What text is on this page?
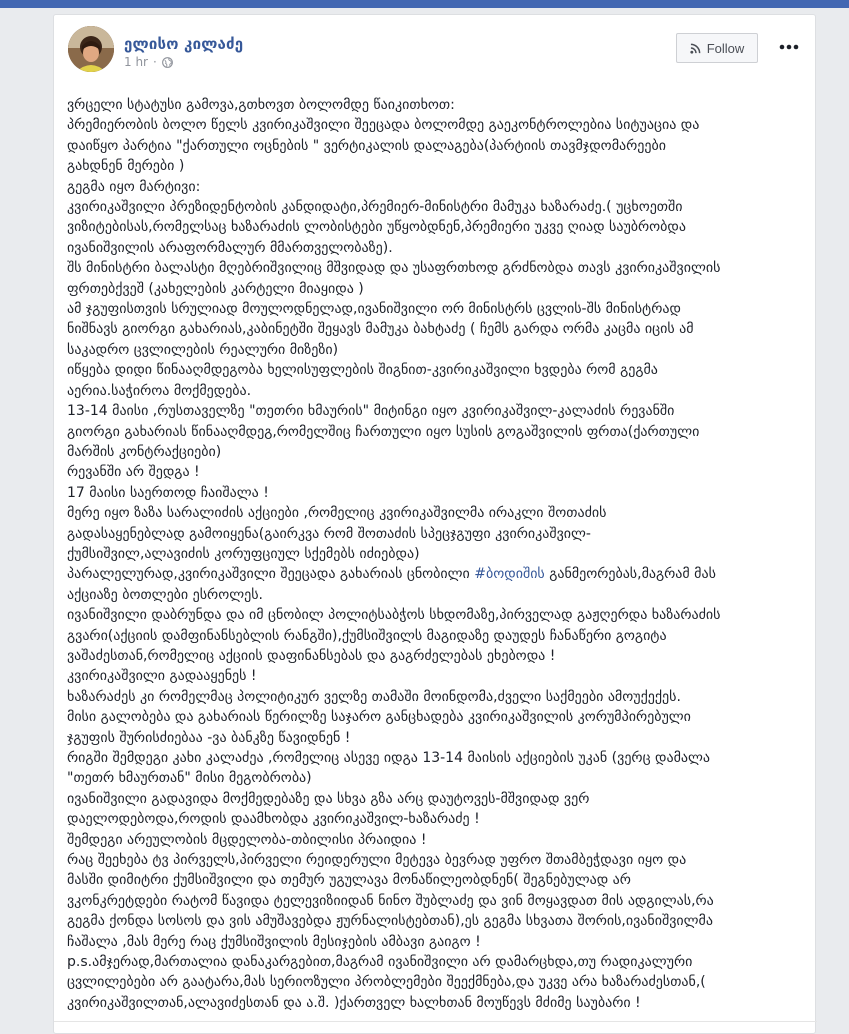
ელისო კილაძე
1 hr ·
Follow
ვრცელი სტატუსი გამოვა,გთხოვთ ბოლომდე წაიკითხოთ:
პრემიერობის ბოლო წელს კვირიკაშვილი შეეცადა ბოლომდე გაეკონტროლებია სიტუაცია და
დაიწყო პარტია "ქართული ოცნების " ვერტიკალის დალაგება(პარტიის თავმჯდომარეები
გახდნენ მერები )
გეგმა იყო მარტივი:
კვირიკაშვილი პრეზიდენტობის კანდიდატი,პრემიერ-მინისტრი მამუკა ხაზარაძე.( უცხოეთში
ვიზიტებისას,რომელსაც ხაზარაძის ლობისტები უწყობდნენ,პრემიერი უკვე ღიად საუბრობდა
ივანიშვილის არაფორმალურ მმართველობაზე).
შს მინისტრი ბალასტი მღებრიშვილიც მშვიდად და უსაფრთხოდ გრძნობდა თავს კვირიკაშვილის
ფრთებქვეშ (კახელების კარტელი მიაყიდა )
ამ ჯგუფისთვის სრულიად მოულოდნელად,ივანიშვილი ორ მინისტრს ცვლის-შს მინისტრად
ნიშნავს გიორგი გახარიას,კაბინეტში შეყავს მამუკა ბახტაძე ( ჩემს გარდა ორმა კაცმა იცის ამ
საკადრო ცვლილების რეალური მიზეზი)
იწყება დიდი წინააღმდეგობა ხელისუფლების შიგნით-კვირიკაშვილი ხვდება რომ გეგმა
აერია.საჭიროა მოქმედება.
13-14 მაისი ,რუსთაველზე "თეთრი ხმაურის" მიტინგი იყო კვირიკაშვილ-კალაძის რევანში
გიორგი გახარიას წინააღმდეგ,რომელშიც ჩართული იყო სუსის გოგაშვილის ფრთა(ქართული
მარშის კონტრაქციები)
რევანში არ შედგა !
17 მაისი საერთოდ ჩაიშალა !
მერე იყო ზაზა სარალიძის აქციები ,რომელიც კვირიკაშვილმა ირაკლი შოთაძის
გადასაყენებლად გამოიყენა(გაირკვა რომ შოთაძის სპეცჯგუფი კვირიკაშვილ-
ქუმსიშვილ,ალავიძის კორუფციულ სქემებს იძიებდა)
პარალელურად,კვირიკაშვილი შეეცადა გახარიას ცნობილი #ბოდიშის განმეორებას,მაგრამ მას
აქციაზე ბოთლები ესროლეს.
ივანიშვილი დაბრუნდა და იმ ცნობილ პოლიტსაბჭოს სხდომაზე,პირველად გაჟღერდა ხაზარაძის
გვარი(აქციის დამფინანსებლის რანგში),ქუმსიშვილს მაგიდაზე დაუდეს ჩანაწერი გოგიტა
ვაშაძესთან,რომელიც აქციის დაფინანსებას და გაგრძელებას ეხებოდა !
კვირიკაშვილი გადააყენეს !
ხაზარაძეს კი რომელმაც პოლიტიკურ ველზე თამაში მოინდომა,ძველი საქმეები ამოუქექეს.
მისი გალობება და გახარიას წერილზე საჯარო განცხადება კვირიკაშვილის კორუმპირებული
ჯგუფის შურისძიებაა -ვა ბანკზე წავიდნენ !
რიგში შემდეგი კახი კალაძეა ,რომელიც ასევე იდგა 13-14 მაისის აქციების უკან (ვერც დამალა
"თეთრ ხმაურთან" მისი მეგობრობა)
ივანიშვილი გადავიდა მოქმედებაზე და სხვა გზა არც დაუტოვეს-მშვიდად ვერ
დაელოდებოდა,როდის დაამხობდა კვირიკაშვილ-ხაზარაძე !
შემდეგი არეულობის მცდელობა-თბილისი პრაიდია !
რაც შეეხება ტვ პირველს,პირველი რეიდერული მეტევა ბევრად უფრო შთამბეჭდავი იყო და
მასში დიმიტრი ქუმსიშვილი და თემურ უგულავა მონაწილეობდნენ( შეგნებულად არ
ვკონკრეტდები რატომ წავიდა ტელევიზიიდან ნინო შუბლაძე და ვინ მოყავდათ მის ადგილას,რა
გეგმა ქონდა სოსოს და ვის ამუშავებდა ჟურნალისტებთან),ეს გეგმა სხვათა შორის,ივანიშვილმა
ჩაშალა ,მას მერე რაც ქუმსიშვილის მესიჯების ამბავი გაიგო !
p.s.ამჯერად,მართალია დანაკარგებით,მაგრამ ივანიშვილი არ დამარცხდა,თუ რადიკალური
ცვლილებები არ გაატარა,მას სერიოზული პრობლემები შეექმნება,და უკვე არა ხაზარაძესთან,(
კვირიკაშვილთან,ალავიძესთან და ა.შ. )ქართველ ხალხთან მოუწევს მძიმე საუბარი !
